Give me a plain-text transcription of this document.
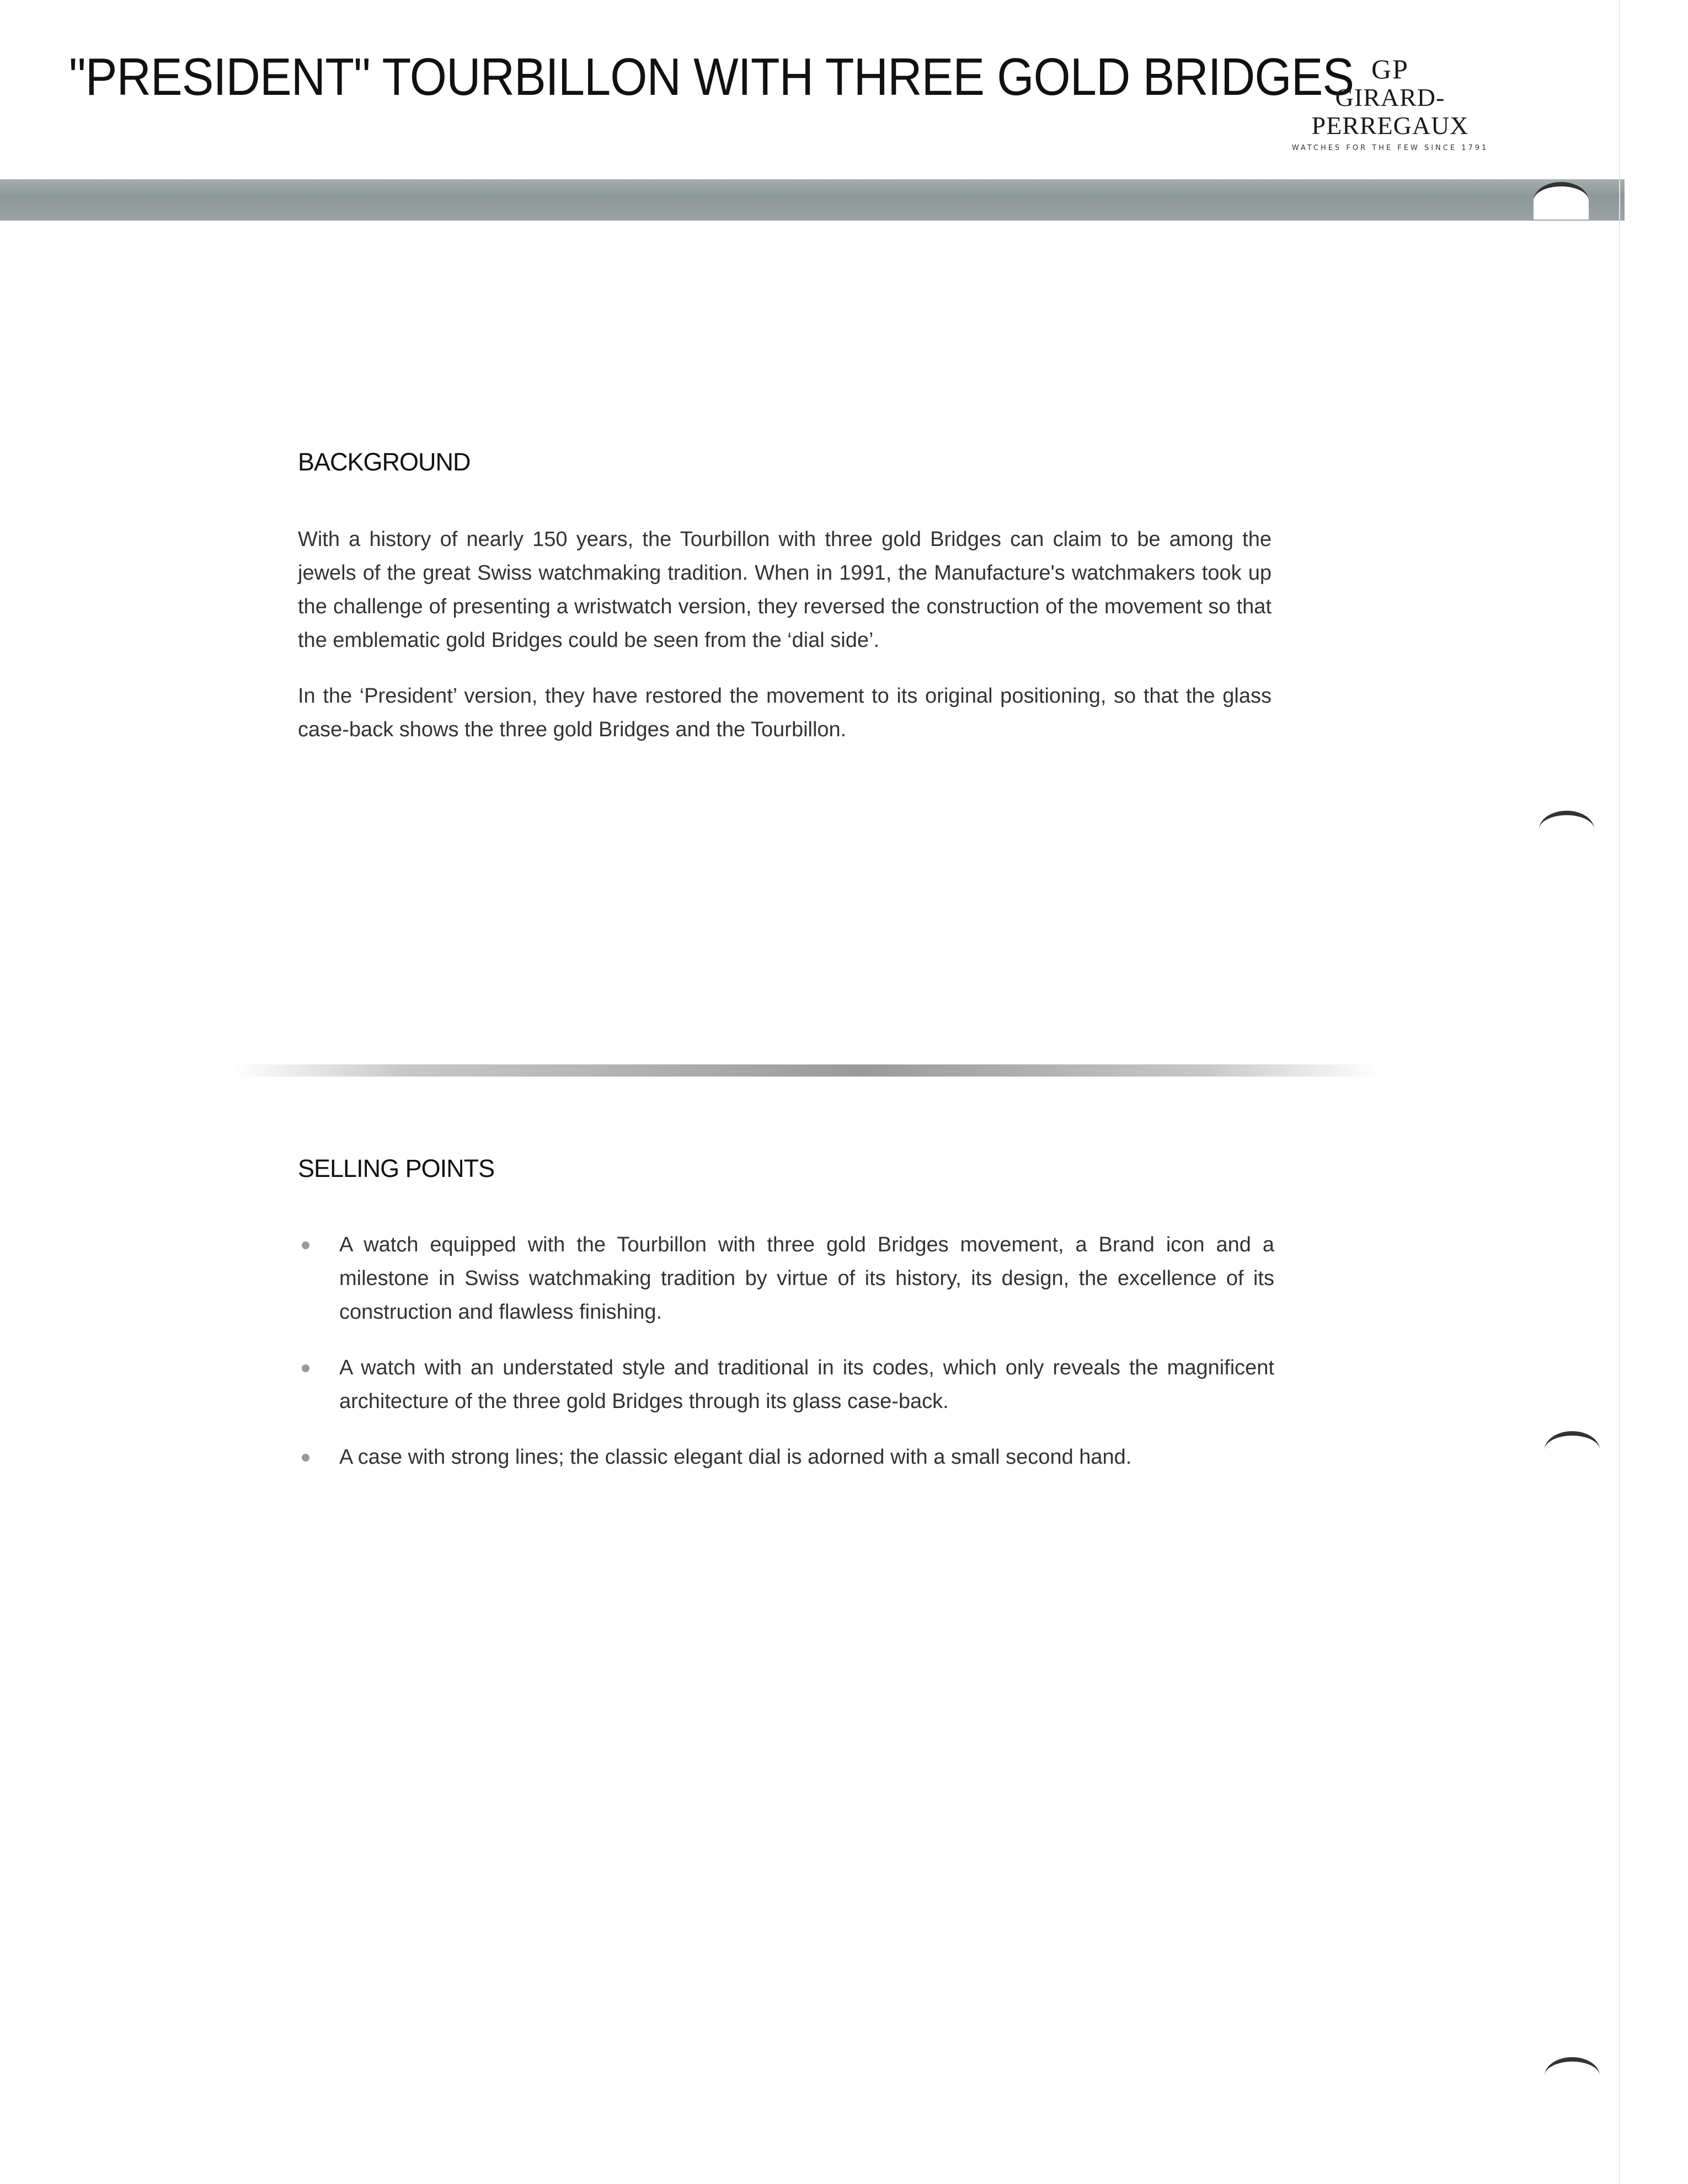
"PRESIDENT" TOURBILLON WITH THREE GOLD BRIDGES GP
GIRARD-PERREGAUX
WATCHES FOR THE FEW SINCE 1791
BACKGROUND

With a history of nearly 150 years, the Tourbillon with three gold Bridges can claim to be among the jewels of the great Swiss watchmaking tradition. When in 1991, the Manufacture's watchmakers took up the challenge of presenting a wristwatch version, they reversed the construction of the movement so that the emblematic gold Bridges could be seen from the ‘dial side’.

In the ‘President’ version, they have restored the movement to its original positioning, so that the glass case-back shows the three gold Bridges and the Tourbillon.

SELLING POINTS
A watch equipped with the Tourbillon with three gold Bridges movement, a Brand icon and a milestone in Swiss watchmaking tradition by virtue of its history, its design, the excellence of its construction and flawless finishing.
A watch with an understated style and traditional in its codes, which only reveals the magnificent architecture of the three gold Bridges through its glass case-back.
A case with strong lines; the classic elegant dial is adorned with a small second hand.
